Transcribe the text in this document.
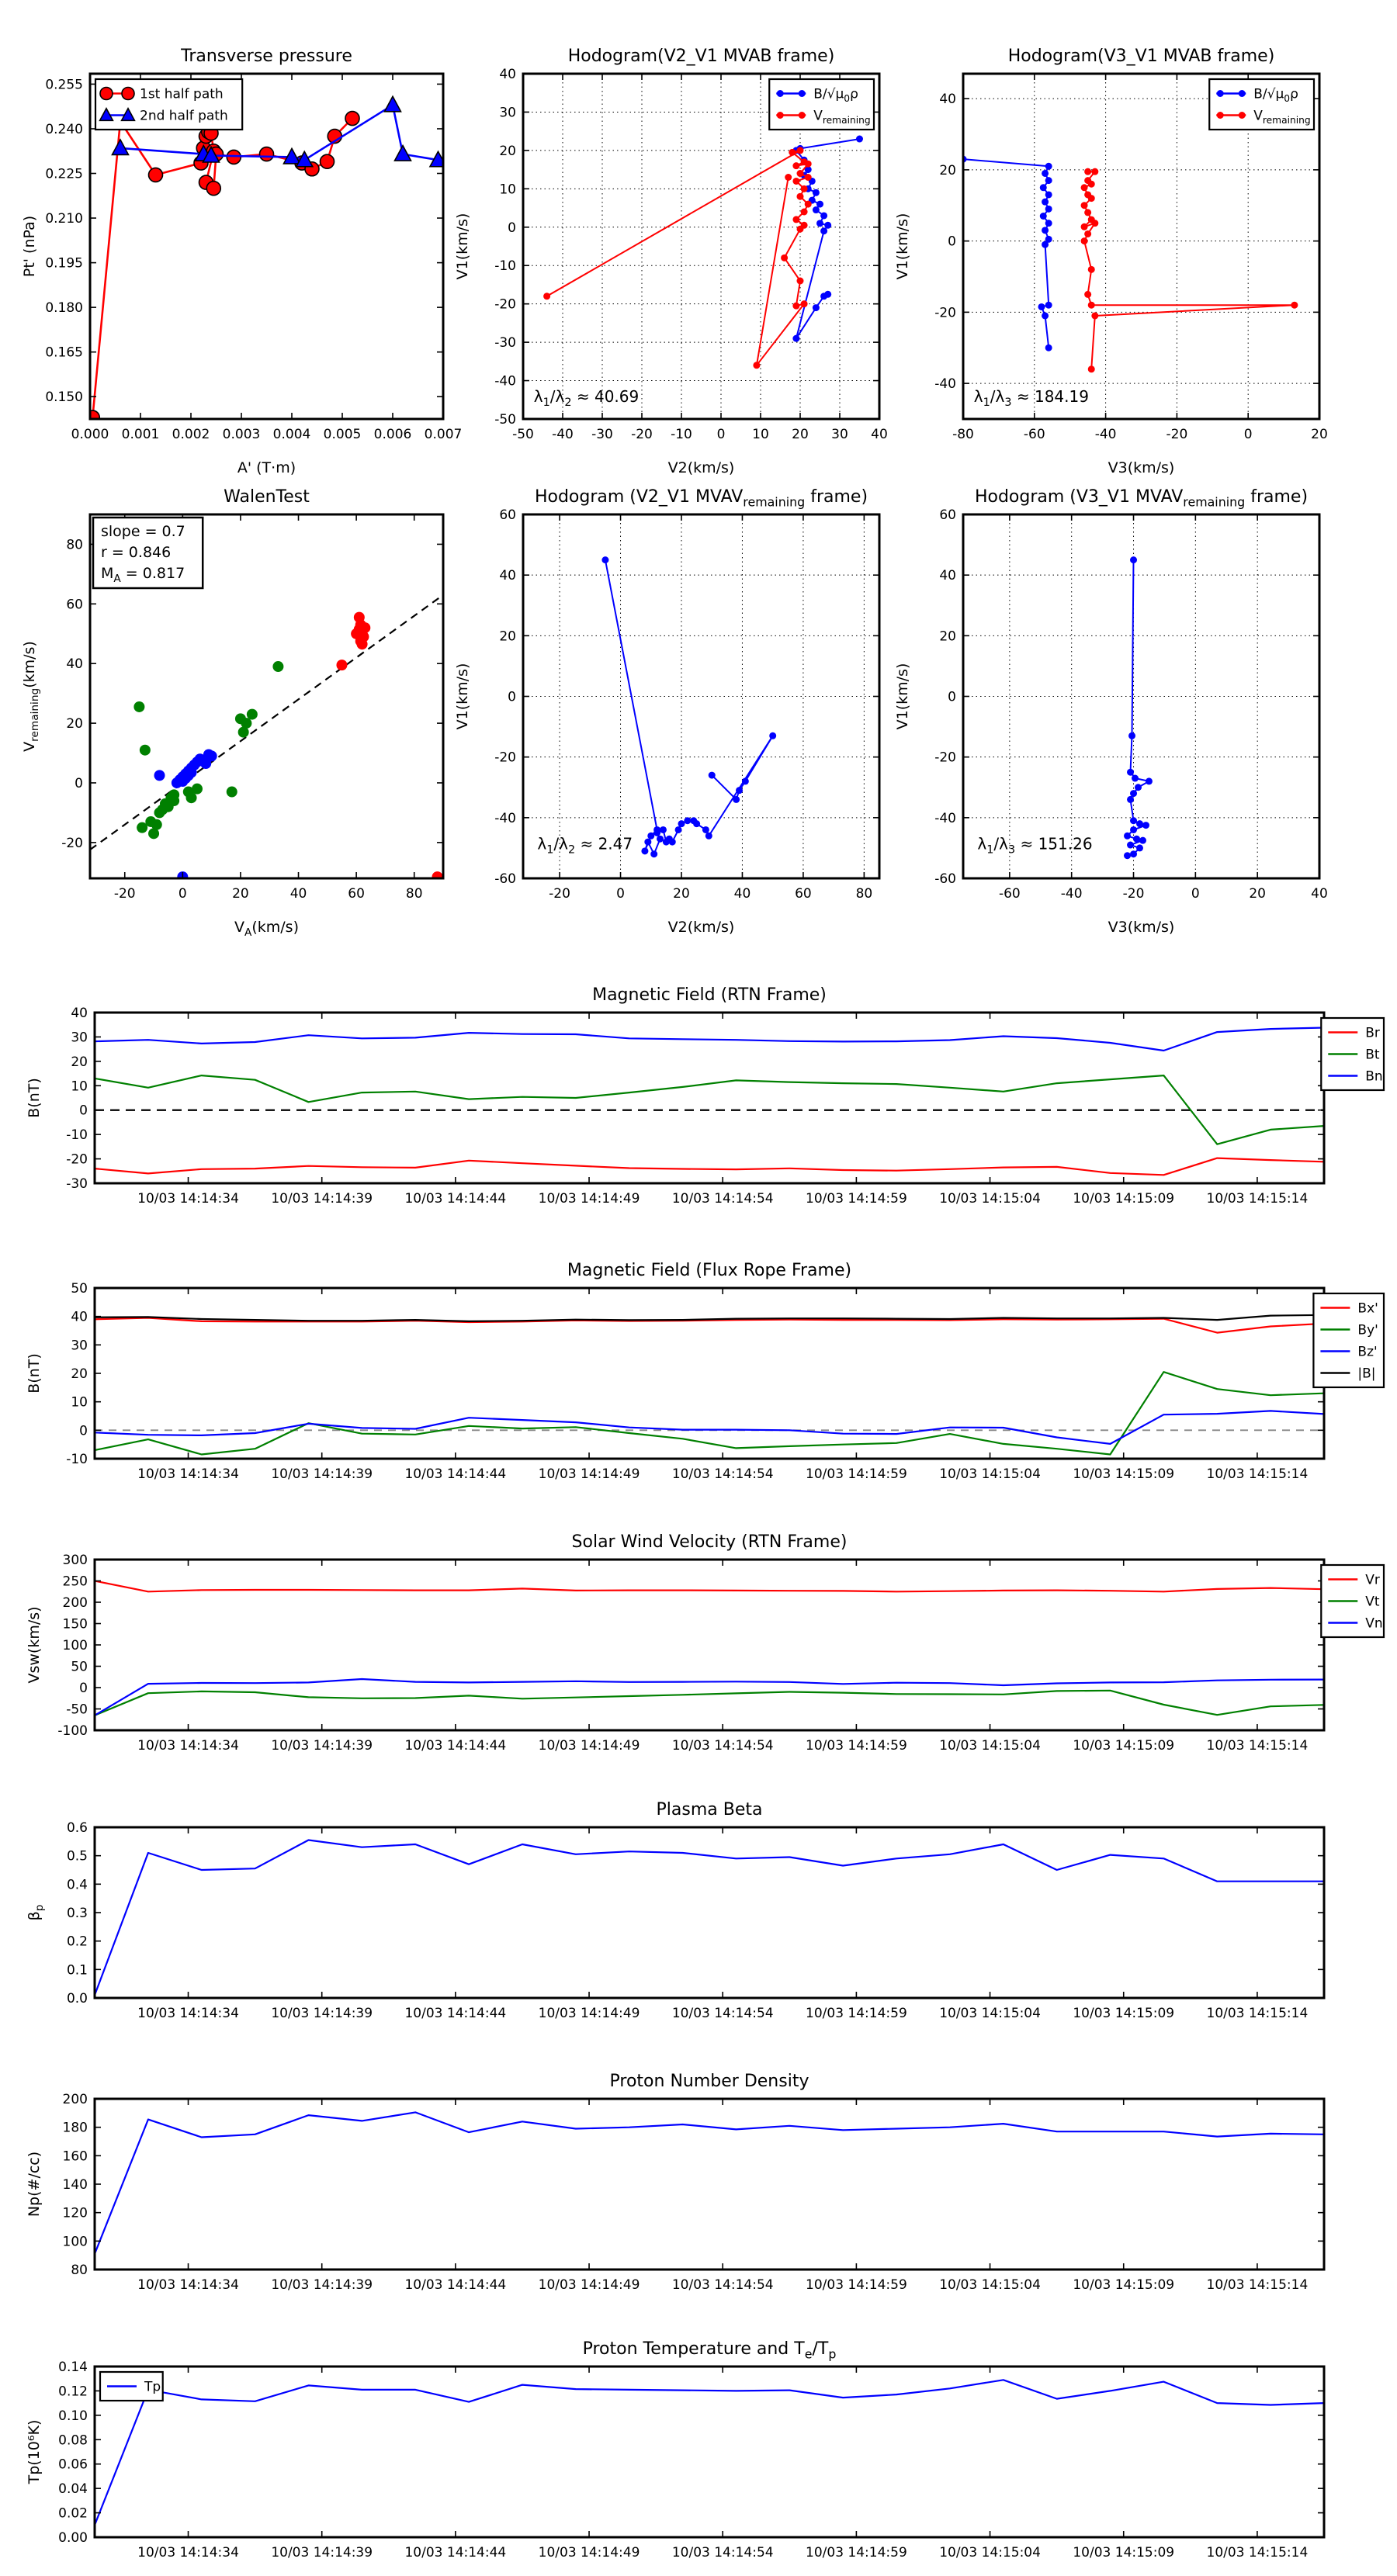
0.000 0.001 0.002 0.003 0.004 0.005 0.006 0.007
0.150
0.165
0.180
0.195
0.210
0.225
0.240
0.255
Transverse pressure
A' (T·m)
Pt' (nPa)
1st half path
2nd half path
-50 -40 -30 -20 -10 0 10 20 30 40
-50
-40
-30
-20
-10
0
10
20
30
40
Hodogram(V2_V1 MVAB frame)
V2(km/s)
V1(km/s)
$B/√\mu_0\rho$
$V_{remaining}$
$\lambda_1/\lambda_2 \approx 40.69$
-80	-60	-40	-20	0	20
-40
-20
0
20
40
Hodogram(V3_V1 MVAB frame)
V3(km/s)
V1(km/s)
$B/√\mu_0\rho$
$V_{remaining}$
$\lambda_1/\lambda_3 \approx 184.19$
-20	0	20	40	60	80
-20
0
20
40
60
80
WalenTest
$V_A(km/s)$
$V_{remaining}(km/s)$
slope = 0.7
r = 0.846
$M_A = 0.817$
-20	0	20	40	60	80
-60
-40
-20
0
20
40
60
Hodogram (V2_V1 $MVAV_{remaining}$ frame)
V2(km/s)
V1(km/s)
$\lambda_1/\lambda_2 \approx 2.47$
-60	-40	-20	0	20	40
-60
-40
-20
0
20
40
60
Hodogram (V3_V1 $MVAV_{remaining}$ frame)
V3(km/s)
V1(km/s)
$\lambda_1/\lambda_3 \approx 151.26$
10/03 14:14:34 10/03 14:14:39 10/03 14:14:44 10/03 14:14:49 10/03 14:14:54 10/03 14:14:59 10/03 14:15:04 10/03 14:15:09 10/03 14:15:14
-30
-20
-10
0
10
20
30
40
Magnetic Field (RTN Frame)
B(nT)
Br
Bt
Bn
10/03 14:14:34 10/03 14:14:39 10/03 14:14:44 10/03 14:14:49 10/03 14:14:54 10/03 14:14:59 10/03 14:15:04 10/03 14:15:09 10/03 14:15:14
-10
0
10
20
30
40
50
Magnetic Field (Flux Rope Frame)
B(nT)
Bx'
By'
Bz'
|B|
10/03 14:14:34 10/03 14:14:39 10/03 14:14:44 10/03 14:14:49 10/03 14:14:54 10/03 14:14:59 10/03 14:15:04 10/03 14:15:09 10/03 14:15:14
-100
-50
0
50
100
150
200
250
300
Solar Wind Velocity (RTN Frame)
Vsw(km/s)
Vr
Vt
Vn
10/03 14:14:34 10/03 14:14:39 10/03 14:14:44 10/03 14:14:49 10/03 14:14:54 10/03 14:14:59 10/03 14:15:04 10/03 14:15:09 10/03 14:15:14
0.0
0.1
0.2
0.3
0.4
0.5
0.6
Plasma Beta
$\beta_p$
10/03 14:14:34 10/03 14:14:39 10/03 14:14:44 10/03 14:14:49 10/03 14:14:54 10/03 14:14:59 10/03 14:15:04 10/03 14:15:09 10/03 14:15:14
80
100
120
140
160
180
200
Proton Number Density
Np(#/cc)
10/03 14:14:34 10/03 14:14:39 10/03 14:14:44 10/03 14:14:49 10/03 14:14:54 10/03 14:14:59 10/03 14:15:04 10/03 14:15:09 10/03 14:15:14
0.00
0.02
0.04
0.06
0.08
0.10
0.12
0.14
Proton Temperature and $T_e/T_p$
Tp(10⁶K)
Tp
